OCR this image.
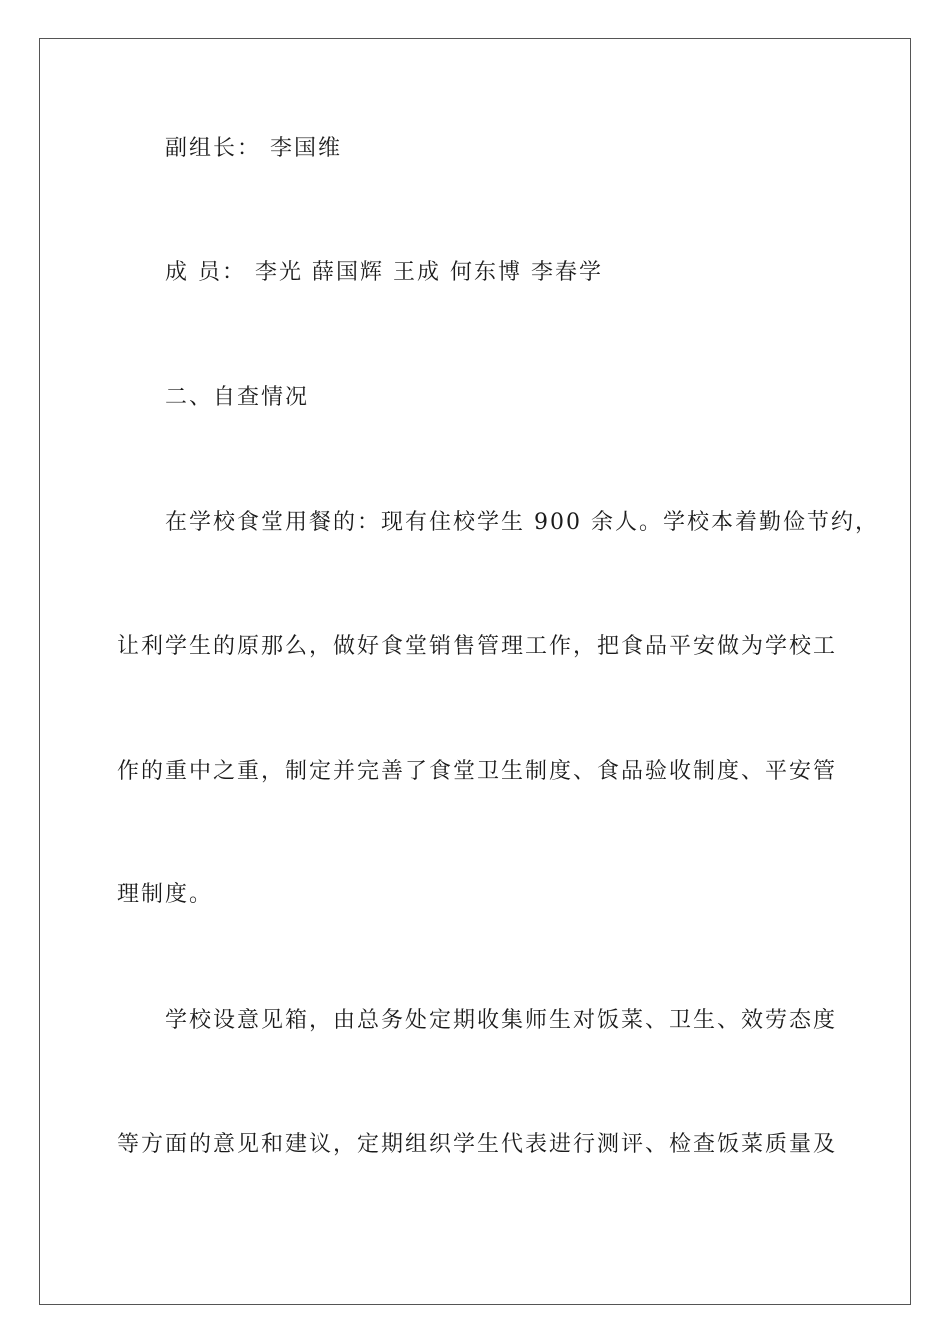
副组长： 李国维
成 员： 李光 薛国辉 王成 何东博 李春学
二、自查情况
在学校食堂用餐的：现有住校学生 900 余人。学校本着勤俭节约，
让利学生的原那么，做好食堂销售管理工作，把食品平安做为学校工
作的重中之重，制定并完善了食堂卫生制度、食品验收制度、平安管
理制度。
学校设意见箱，由总务处定期收集师生对饭菜、卫生、效劳态度
等方面的意见和建议，定期组织学生代表进行测评、检查饭菜质量及
